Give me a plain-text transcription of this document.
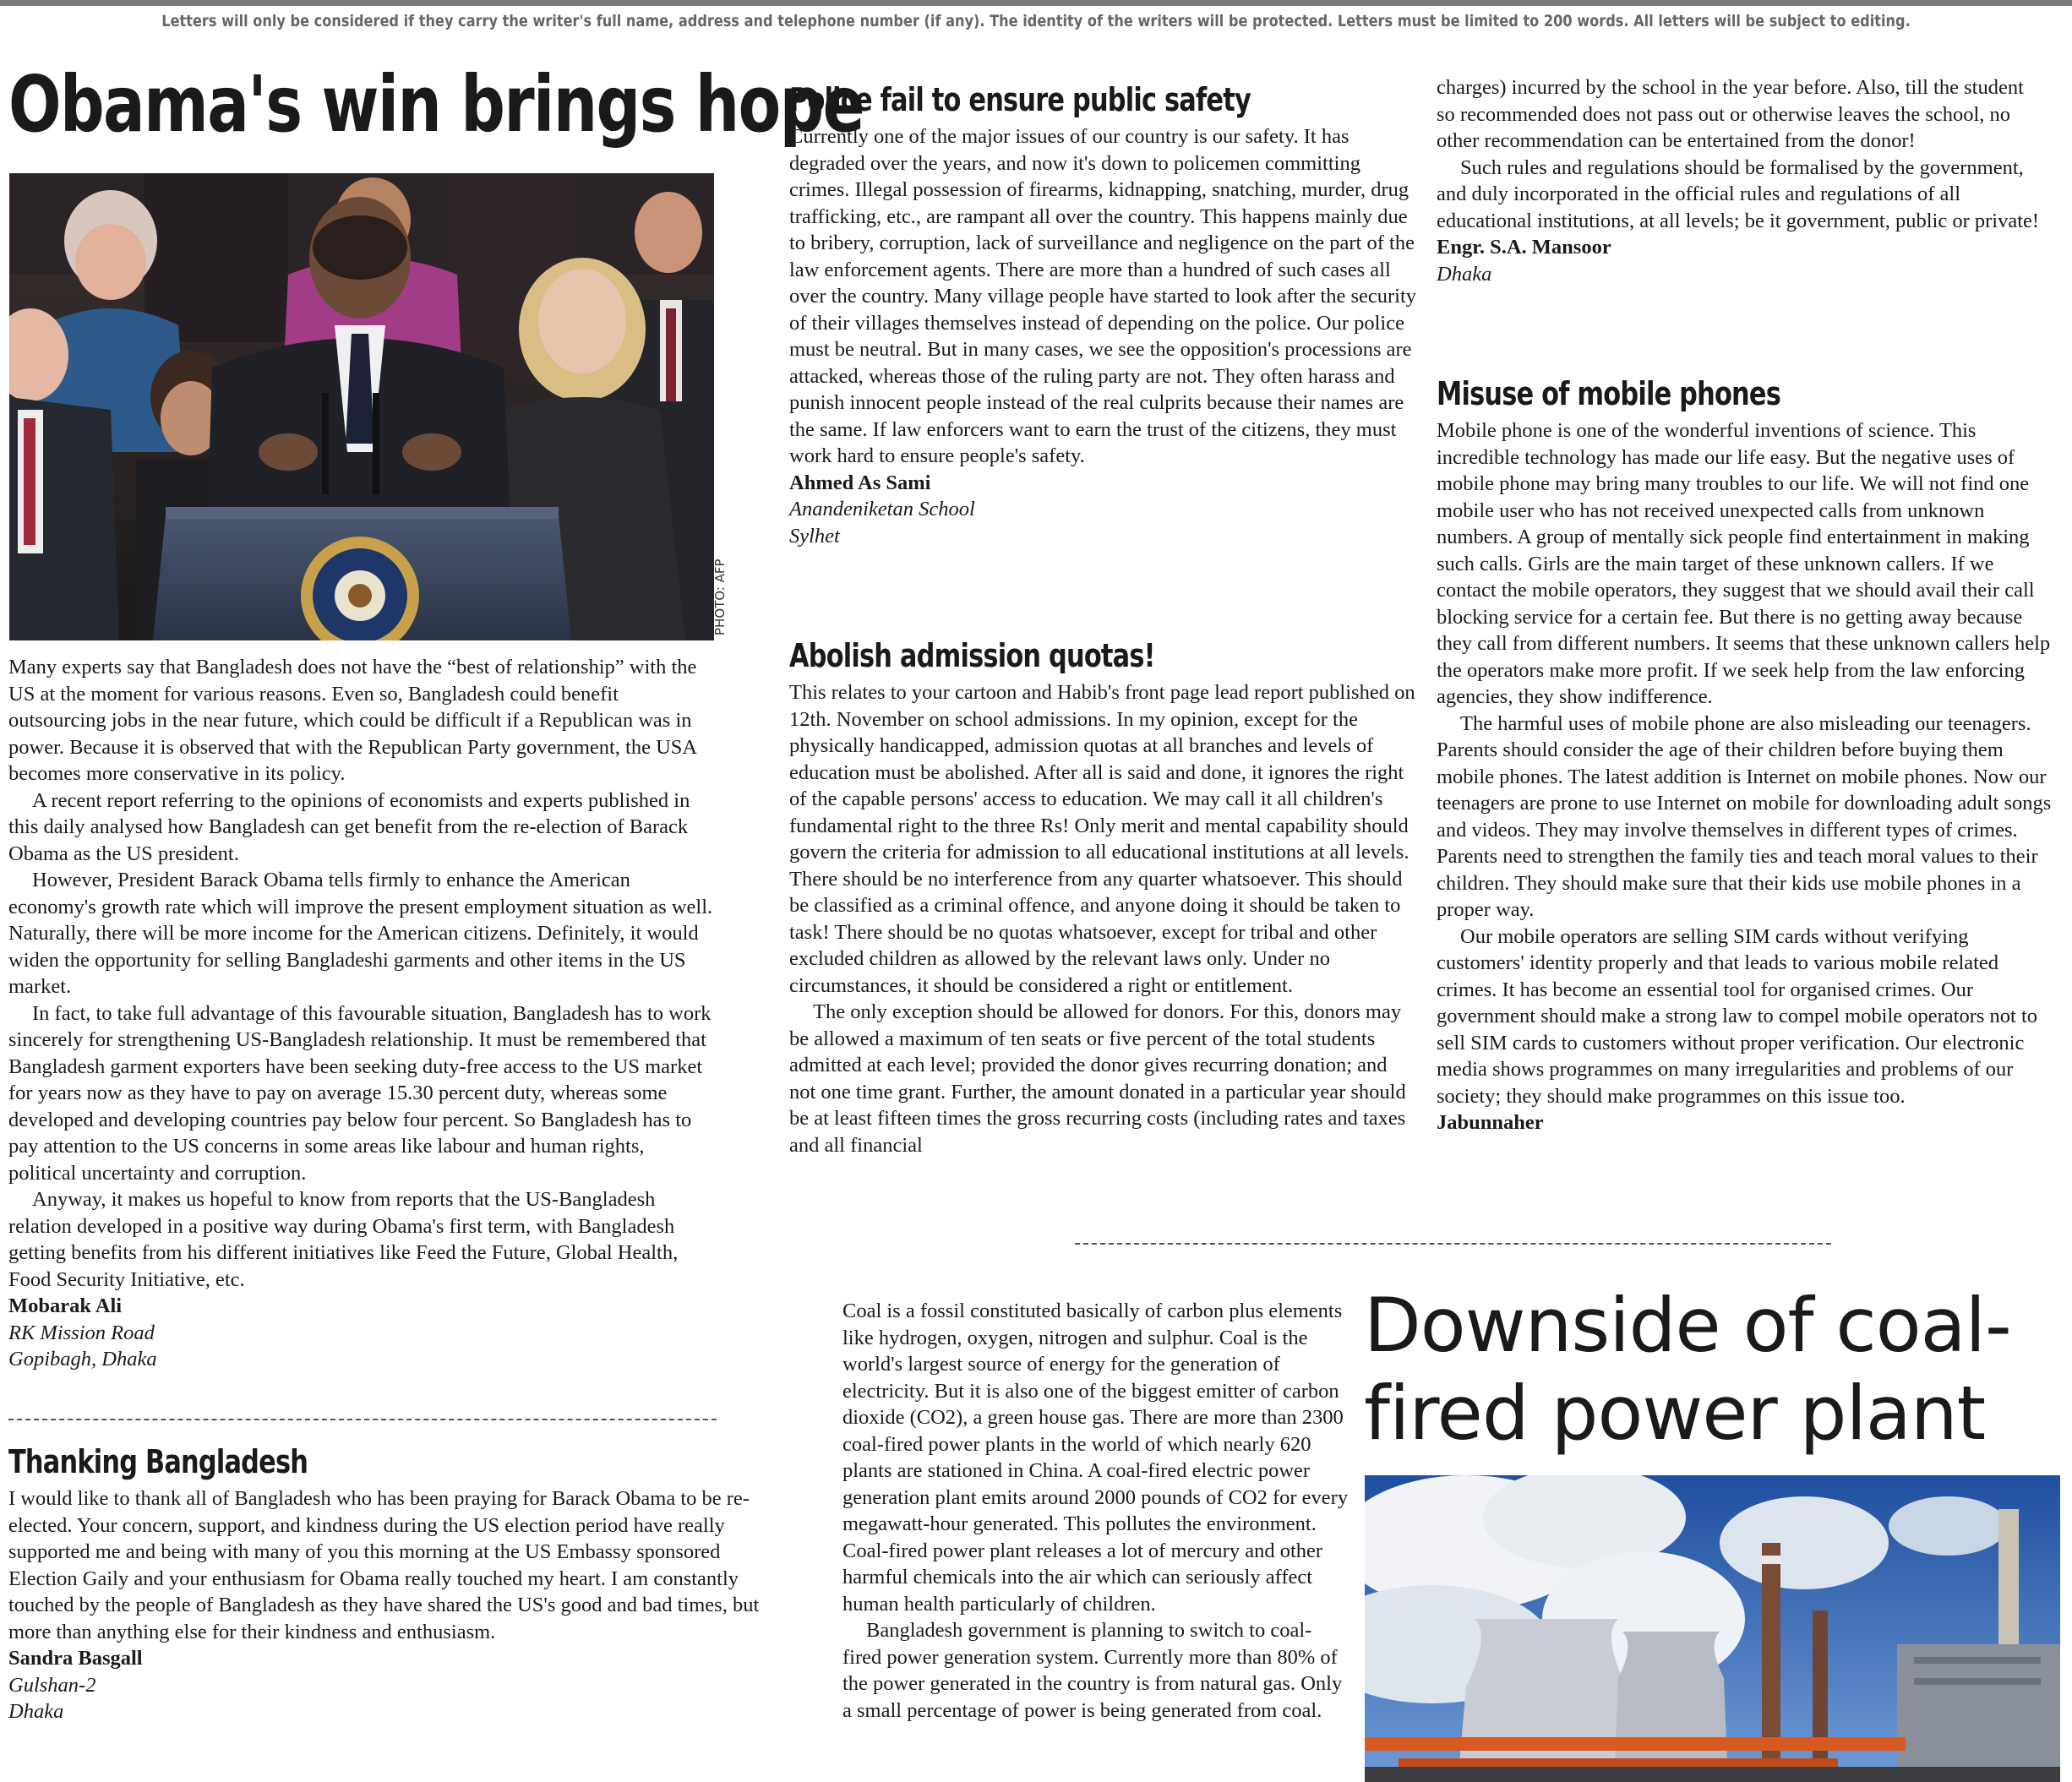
Letters will only be considered if they carry the writer's full name, address and telephone number (if any). The identity of the writers will be protected. Letters must be limited to 200 words. All letters will be subject to editing.
Obama's win brings hope
PHOTO: AFP

Many experts say that Bangladesh does not have the “best of relationship” with the US at the moment for various reasons. Even so, Bangladesh could benefit outsourcing jobs in the near future, which could be difficult if a Republican was in power. Because it is observed that with the Republican Party government, the USA becomes more conservative in its policy.

A recent report referring to the opinions of economists and experts published in this daily analysed how Bangladesh can get benefit from the re-election of Barack Obama as the US president.

However, President Barack Obama tells firmly to enhance the American economy's growth rate which will improve the present employment situation as well. Naturally, there will be more income for the American citizens. Definitely, it would widen the opportunity for selling Bangladeshi garments and other items in the US market.

In fact, to take full advantage of this favourable situation, Bangladesh has to work sincerely for strengthening US-Bangladesh relationship. It must be remembered that Bangladesh garment exporters have been seeking duty-free access to the US market for years now as they have to pay on average 15.30 percent duty, whereas some developed and developing countries pay below four percent. So Bangladesh has to pay attention to the US concerns in some areas like labour and human rights, political uncertainty and corruption.

Anyway, it makes us hopeful to know from reports that the US-Bangladesh relation developed in a positive way during Obama's first term, with Bangladesh getting benefits from his different initiatives like Feed the Future, Global Health, Food Security Initiative, etc.

Mobarak Ali
RK Mission Road
Gopibagh, Dhaka
Thanking Bangladesh

I would like to thank all of Bangladesh who has been praying for Barack Obama to be re-elected. Your concern, support, and kindness during the US election period have really supported me and being with many of you this morning at the US Embassy sponsored Election Gaily and your enthusiasm for Obama really touched my heart. I am constantly touched by the people of Bangladesh as they have shared the US's good and bad times, but more than anything else for their kindness and enthusiasm.

Sandra Basgall
Gulshan-2
Dhaka
Police fail to ensure public safety

Currently one of the major issues of our country is our safety. It has degraded over the years, and now it's down to policemen committing crimes. Illegal possession of firearms, kidnapping, snatching, murder, drug trafficking, etc., are rampant all over the country. This happens mainly due to bribery, corruption, lack of surveillance and negligence on the part of the law enforcement agents. There are more than a hundred of such cases all over the country. Many village people have started to look after the security of their villages themselves instead of depending on the police. Our police must be neutral. But in many cases, we see the opposition's processions are attacked, whereas those of the ruling party are not. They often harass and punish innocent people instead of the real culprits because their names are the same. If law enforcers want to earn the trust of the citizens, they must work hard to ensure people's safety.

Ahmed As Sami
Anandeniketan School
Sylhet
Abolish admission quotas!

This relates to your cartoon and Habib's front page lead report published on 12th. November on school admissions. In my opinion, except for the physically handicapped, admission quotas at all branches and levels of education must be abolished. After all is said and done, it ignores the right of the capable persons' access to education. We may call it all children's fundamental right to the three Rs! Only merit and mental capability should govern the criteria for admission to all educational institutions at all levels. There should be no interference from any quarter whatsoever. This should be classified as a criminal offence, and anyone doing it should be taken to task! There should be no quotas whatsoever, except for tribal and other excluded children as allowed by the relevant laws only. Under no circumstances, it should be considered a right or entitlement.

The only exception should be allowed for donors. For this, donors may be allowed a maximum of ten seats or five percent of the total students admitted at each level; provided the donor gives recurring donation; and not one time grant. Further, the amount donated in a particular year should be at least fifteen times the gross recurring costs (including rates and taxes and all financial

charges) incurred by the school in the year before. Also, till the student so recommended does not pass out or otherwise leaves the school, no other recommendation can be entertained from the donor!

Such rules and regulations should be formalised by the government, and duly incorporated in the official rules and regulations of all educational institutions, at all levels; be it government, public or private!

Engr. S.A. Mansoor
Dhaka
Misuse of mobile phones

Mobile phone is one of the wonderful inventions of science. This incredible technology has made our life easy. But the negative uses of mobile phone may bring many troubles to our life. We will not find one mobile user who has not received unexpected calls from unknown numbers. A group of mentally sick people find entertainment in making such calls. Girls are the main target of these unknown callers. If we contact the mobile operators, they suggest that we should avail their call blocking service for a certain fee. But there is no getting away because they call from different numbers. It seems that these unknown callers help the operators make more profit. If we seek help from the law enforcing agencies, they show indifference.

The harmful uses of mobile phone are also misleading our teenagers. Parents should consider the age of their children before buying them mobile phones. The latest addition is Internet on mobile phones. Now our teenagers are prone to use Internet on mobile for downloading adult songs and videos. They may involve themselves in different types of crimes. Parents need to strengthen the family ties and teach moral values to their children. They should make sure that their kids use mobile phones in a proper way.

Our mobile operators are selling SIM cards without verifying customers' identity properly and that leads to various mobile related crimes. It has become an essential tool for organised crimes. Our government should make a strong law to compel mobile operators not to sell SIM cards to customers without proper verification. Our electronic media shows programmes on many irregularities and problems of our society; they should make programmes on this issue too.

Jabunnaher

Coal is a fossil constituted basically of carbon plus elements like hydrogen, oxygen, nitrogen and sulphur. Coal is the world's largest source of energy for the generation of electricity. But it is also one of the biggest emitter of carbon dioxide (CO2), a green house gas. There are more than 2300 coal-fired power plants in the world of which nearly 620 plants are stationed in China. A coal-fired electric power generation plant emits around 2000 pounds of CO2 for every megawatt-hour generated. This pollutes the environment. Coal-fired power plant releases a lot of mercury and other harmful chemicals into the air which can seriously affect human health particularly of children.

Bangladesh government is planning to switch to coal-fired power generation system. Currently more than 80% of the power generated in the country is from natural gas. Only a small percentage of power is being generated from coal.

Downside of coal-fired power plant
